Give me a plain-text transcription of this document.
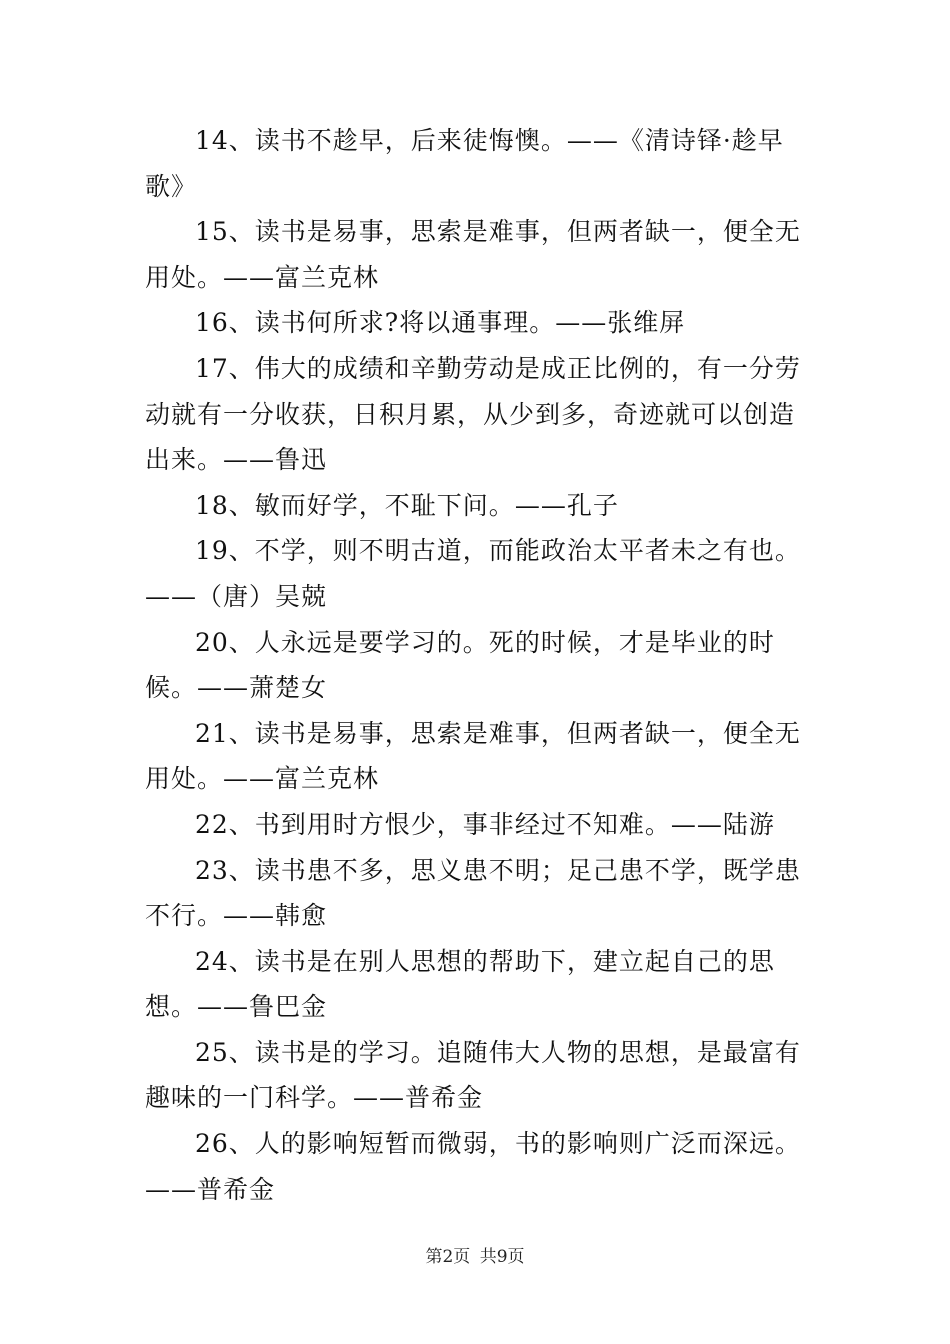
14、读书不趁早，后来徒悔懊。——《清诗铎·趁早歌》

15、读书是易事，思索是难事，但两者缺一，便全无用处。——富兰克林

16、读书何所求?将以通事理。——张维屏

17、伟大的成绩和辛勤劳动是成正比例的，有一分劳动就有一分收获，日积月累，从少到多，奇迹就可以创造出来。——鲁迅

18、敏而好学，不耻下问。——孔子

19、不学，则不明古道，而能政治太平者未之有也。——（唐）吴兢

20、人永远是要学习的。死的时候，才是毕业的时候。——萧楚女

21、读书是易事，思索是难事，但两者缺一，便全无用处。——富兰克林

22、书到用时方恨少，事非经过不知难。——陆游

23、读书患不多，思义患不明；足己患不学，既学患不行。——韩愈

24、读书是在别人思想的帮助下，建立起自己的思想。——鲁巴金

25、读书是的学习。追随伟大人物的思想，是最富有趣味的一门科学。——普希金

26、人的影响短暂而微弱，书的影响则广泛而深远。——普希金

第2页 共9页
